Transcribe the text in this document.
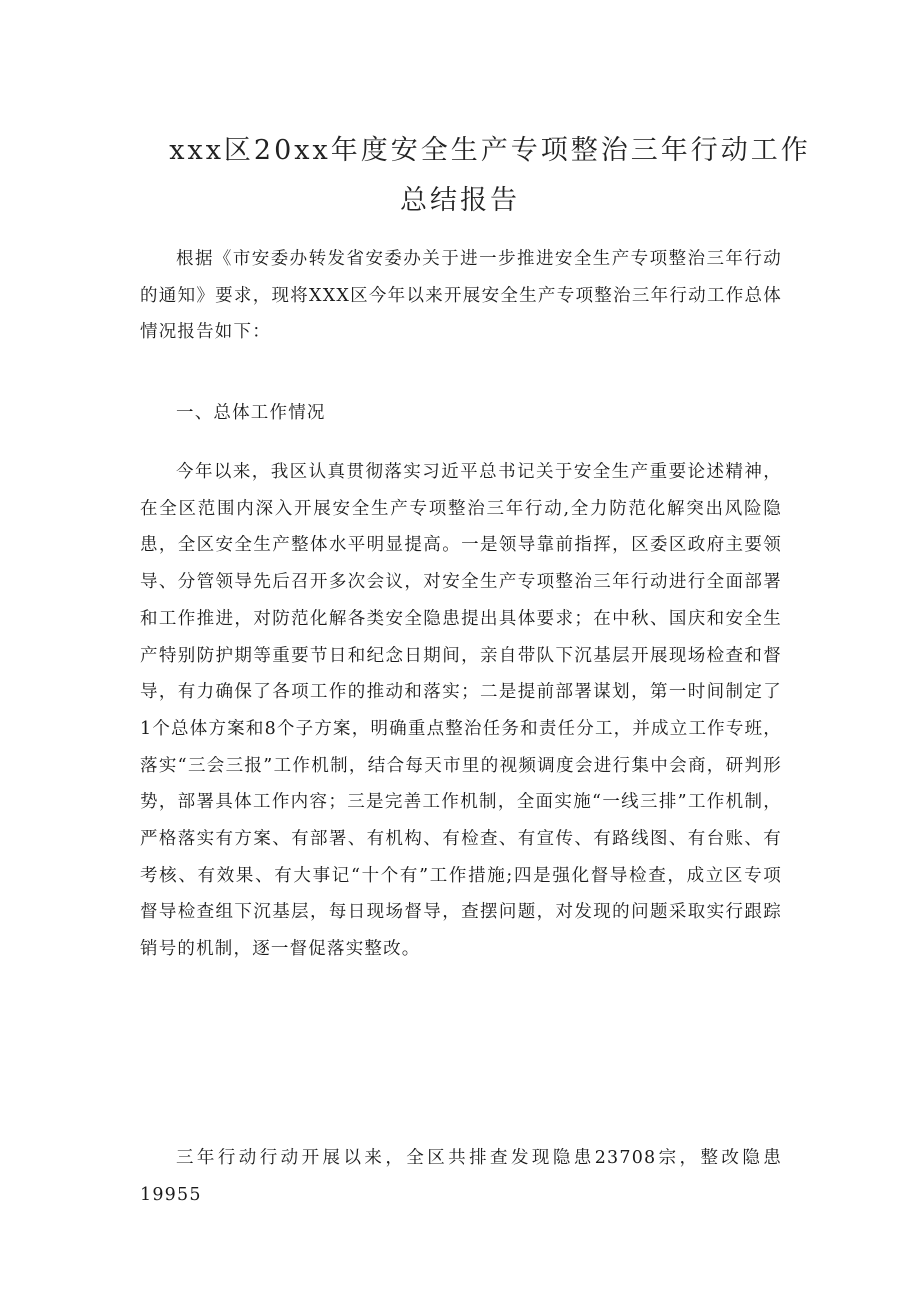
xxx区20xx年度安全生产专项整治三年行动工作
总结报告

根据《市安委办转发省安委办关于进一步推进安全生产专项整治三年行动的通知》要求，现将XXX区今年以来开展安全生产专项整治三年行动工作总体情况报告如下：

一、总体工作情况

今年以来，我区认真贯彻落实习近平总书记关于安全生产重要论述精神，在全区范围内深入开展安全生产专项整治三年行动,全力防范化解突出风险隐患，全区安全生产整体水平明显提高。一是领导靠前指挥，区委区政府主要领导、分管领导先后召开多次会议，对安全生产专项整治三年行动进行全面部署和工作推进，对防范化解各类安全隐患提出具体要求；在中秋、国庆和安全生产特别防护期等重要节日和纪念日期间，亲自带队下沉基层开展现场检查和督导，有力确保了各项工作的推动和落实；二是提前部署谋划，第一时间制定了1个总体方案和8个子方案，明确重点整治任务和责任分工，并成立工作专班，落实“三会三报”工作机制，结合每天市里的视频调度会进行集中会商，研判形势，部署具体工作内容；三是完善工作机制，全面实施“一线三排”工作机制，严格落实有方案、有部署、有机构、有检查、有宣传、有路线图、有台账、有考核、有效果、有大事记“十个有”工作措施;四是强化督导检查，成立区专项督导检查组下沉基层，每日现场督导，查摆问题，对发现的问题采取实行跟踪销号的机制，逐一督促落实整改。

三年行动行动开展以来，全区共排查发现隐患23708宗，整改隐患19955
